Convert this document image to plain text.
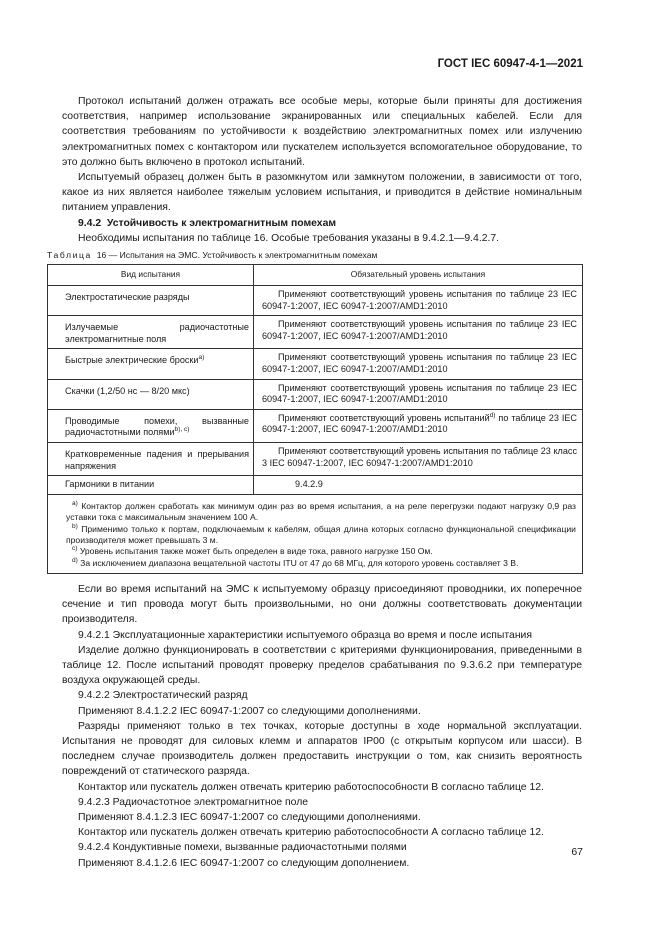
ГОСТ IEC 60947-4-1—2021

Протокол испытаний должен отражать все особые меры, которые были приняты для достижения соответствия, например использование экранированных или специальных кабелей. Если для соответствия требованиям по устойчивости к воздействию электромагнитных помех или излучению электромагнитных помех с контактором или пускателем используется вспомогательное оборудование, то это должно быть включено в протокол испытаний.

Испытуемый образец должен быть в разомкнутом или замкнутом положении, в зависимости от того, какое из них является наиболее тяжелым условием испытания, и приводится в действие номинальным питанием управления.

9.4.2 Устойчивость к электромагнитным помехам

Необходимы испытания по таблице 16. Особые требования указаны в 9.4.2.1—9.4.2.7.

Таблица 16 — Испытания на ЭМС. Устойчивость к электромагнитным помехам
Вид испытания	Обязательный уровень испытания

Электростатические разряды	Применяют соответствующий уровень испытания по таблице 23 IEC 60947-1:2007, IEC 60947-1:2007/AMD1:2010

Излучаемые радиочастотные электромагнитные поля	Применяют соответствующий уровень испытания по таблице 23 IEC 60947-1:2007, IEC 60947-1:2007/AMD1:2010

Быстрые электрические броски$^{a)}$	Применяют соответствующий уровень испытания по таблице 23 IEC 60947-1:2007, IEC 60947-1:2007/AMD1:2010

Скачки (1,2/50 нс — 8/20 мкс)	Применяют соответствующий уровень испытания по таблице 23 IEC 60947-1:2007, IEC 60947-1:2007/AMD1:2010

Проводимые помехи, вызванные радиочастотными полями$^{b), c)}$	Применяют соответствующий уровень испытаний$^{d)}$ по таблице 23 IEC 60947-1:2007, IEC 60947-1:2007/AMD1:2010

Кратковременные падения и прерывания напряжения	Применяют соответствующий уровень испытания по таблице 23 класс 3 IEC 60947-1:2007, IEC 60947-1:2007/AMD1:2010

Гармоники в питании	9.4.2.9

$^{a)}$ Контактор должен сработать как минимум один раз во время испытания, а на реле перегрузки подают нагрузку 0,9 раз уставки тока с максимальным значением 100 А.

$^{b)}$ Применимо только к портам, подключаемым к кабелям, общая длина которых согласно функциональной спецификации производителя может превышать 3 м.

$^{c)}$ Уровень испытания также может быть определен в виде тока, равного нагрузке 150 Ом.

$^{d)}$ За исключением диапазона вещательной частоты ITU от 47 до 68 МГц, для которого уровень составляет 3 В.	

Если во время испытаний на ЭМС к испытуемому образцу присоединяют проводники, их поперечное сечение и тип провода могут быть произвольными, но они должны соответствовать документации производителя.

9.4.2.1 Эксплуатационные характеристики испытуемого образца во время и после испытания

Изделие должно функционировать в соответствии с критериями функционирования, приведенными в таблице 12. После испытаний проводят проверку пределов срабатывания по 9.3.6.2 при температуре воздуха окружающей среды.

9.4.2.2 Электростатический разряд

Применяют 8.4.1.2.2 IEC 60947-1:2007 со следующими дополнениями.

Разряды применяют только в тех точках, которые доступны в ходе нормальной эксплуатации. Испытания не проводят для силовых клемм и аппаратов IP00 (с открытым корпусом или шасси). В последнем случае производитель должен предоставить инструкции о том, как снизить вероятность повреждений от статического разряда.

Контактор или пускатель должен отвечать критерию работоспособности В согласно таблице 12.

9.4.2.3 Радиочастотное электромагнитное поле

Применяют 8.4.1.2.3 IEC 60947-1:2007 со следующими дополнениями.

Контактор или пускатель должен отвечать критерию работоспособности А согласно таблице 12.

9.4.2.4 Кондуктивные помехи, вызванные радиочастотными полями

Применяют 8.4.1.2.6 IEC 60947-1:2007 со следующим дополнением.

67
